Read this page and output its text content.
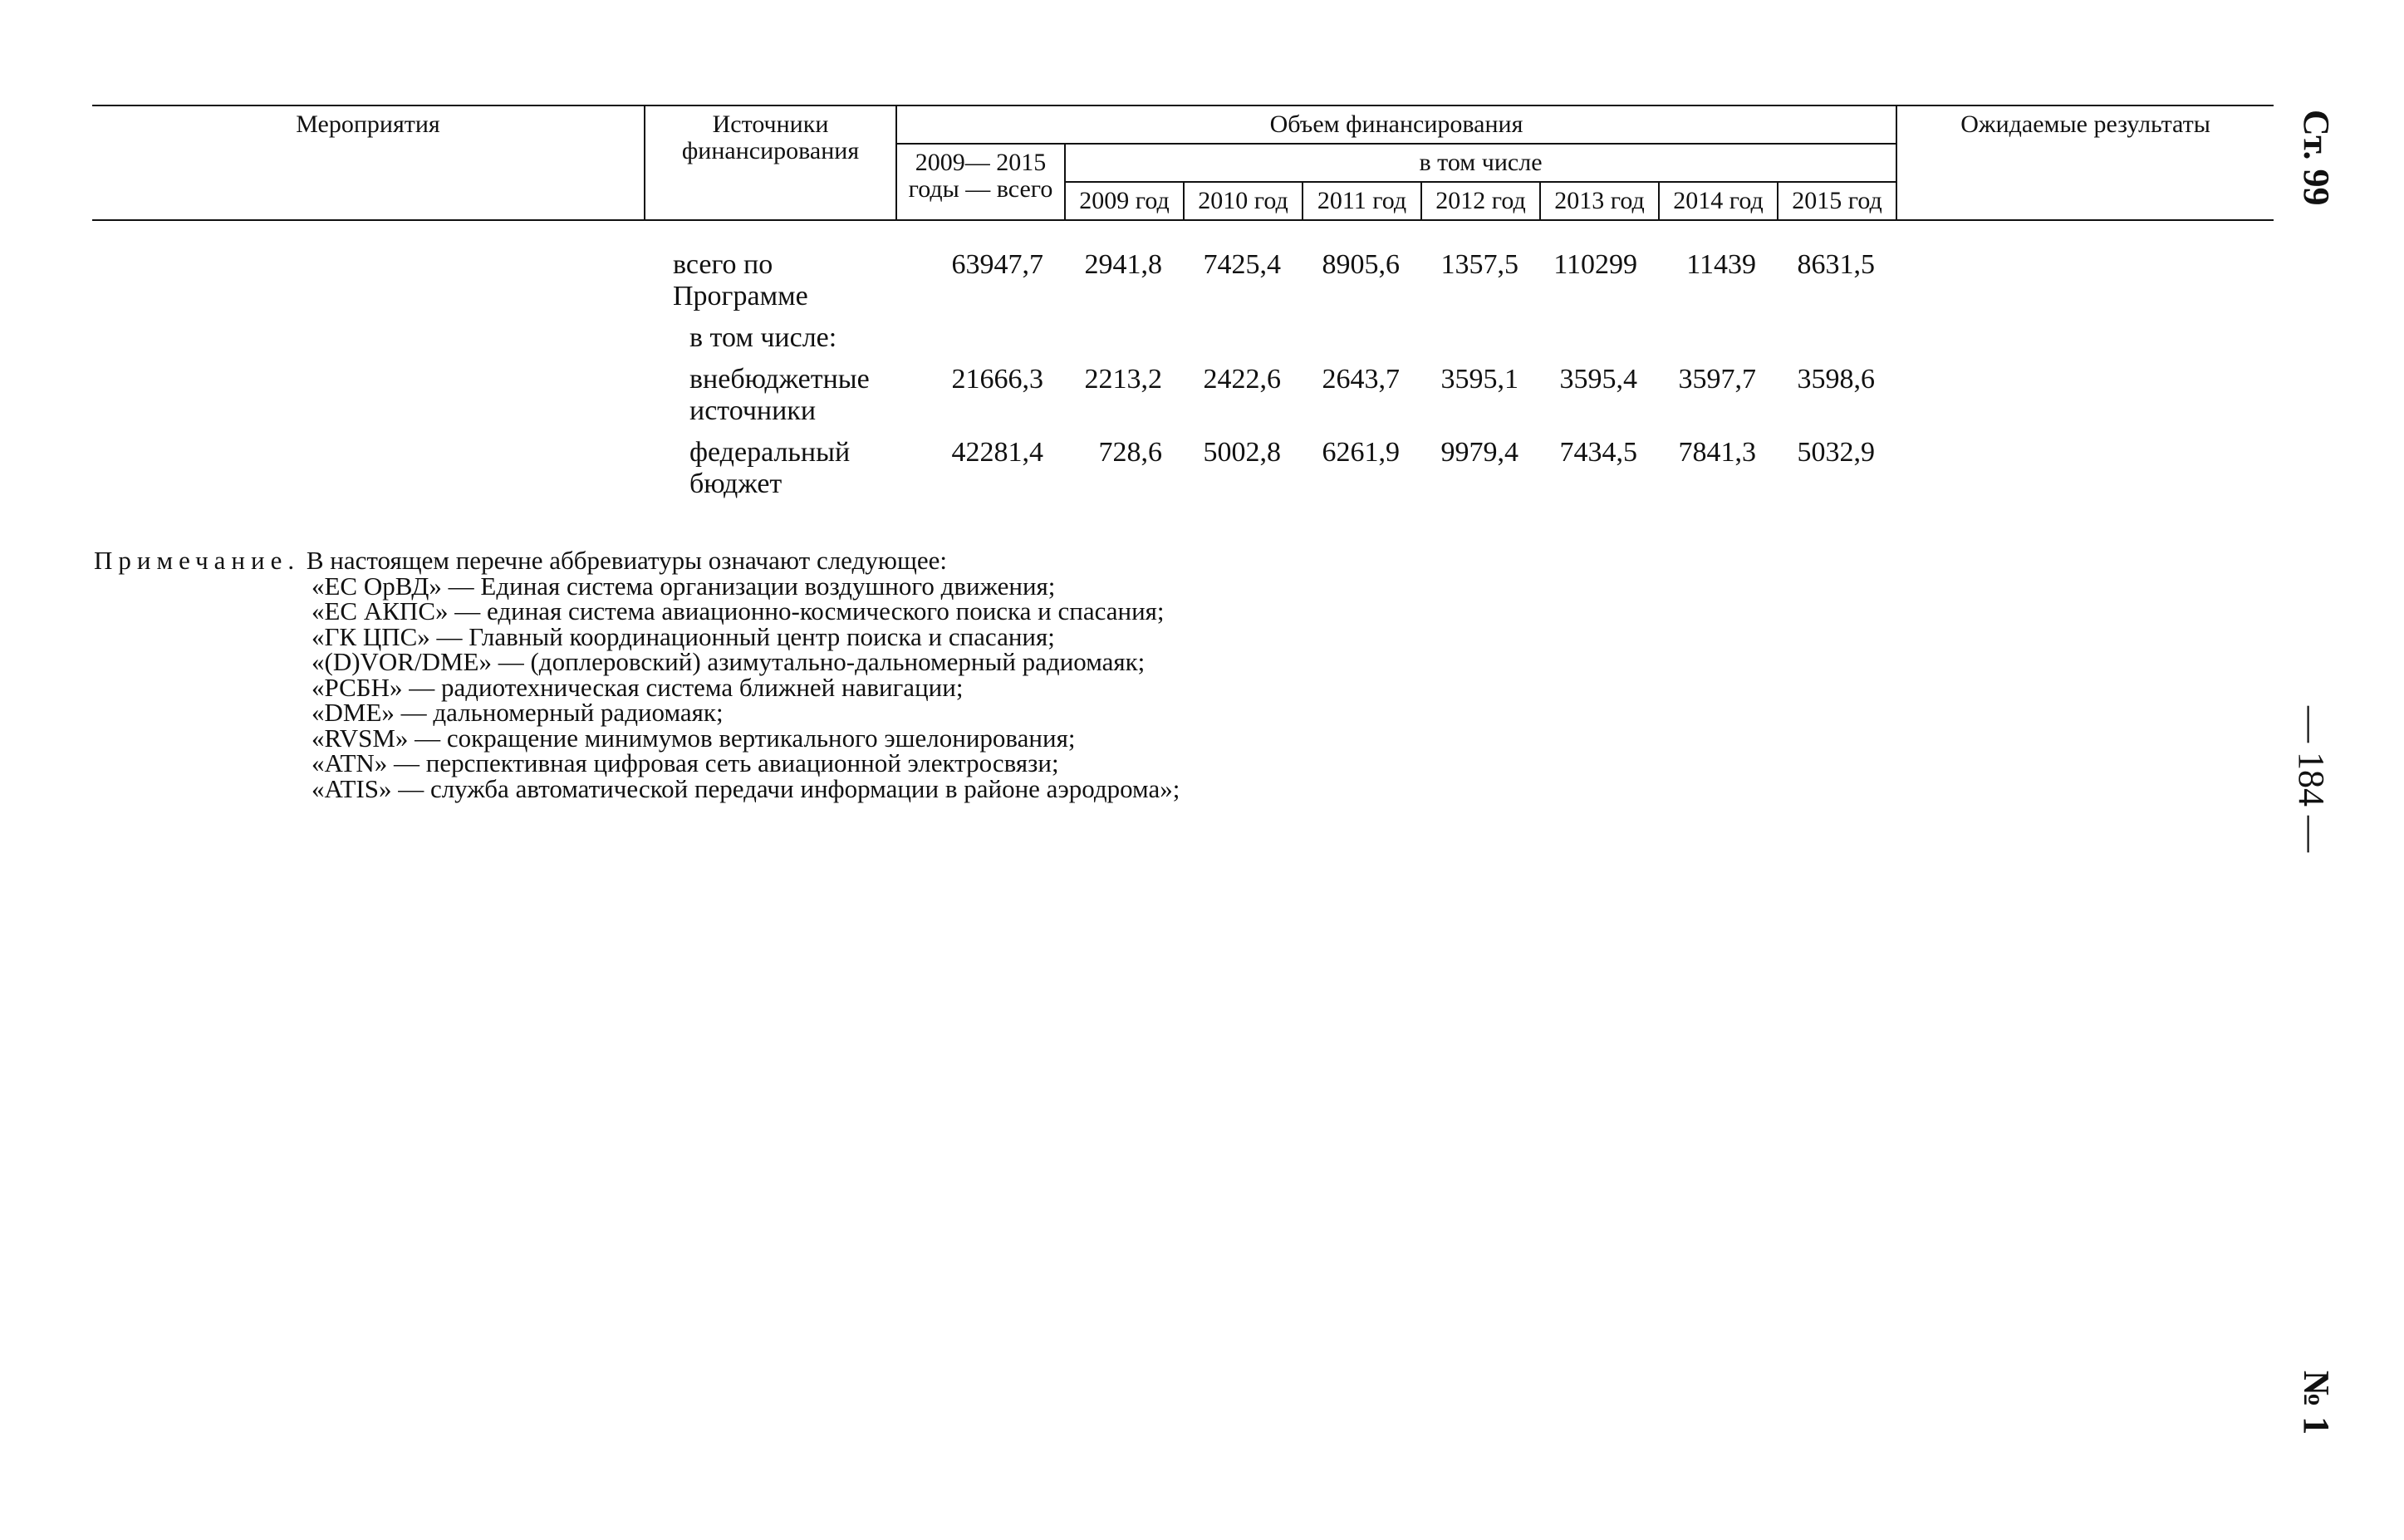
Мероприятия	Источники финансирования	Объем финансирования								Ожидаемые результаты
		2009— 2015 годы — всего	в том числе							
			2009 год	2010 год	2011 год	2012 год	2013 год	2014 год	2015 год	
	всего по Программе	63947,7	2941,8	7425,4	8905,6	1357,5	110299	11439	8631,5	
	в том числе:									
	внебюджетные источники	21666,3	2213,2	2422,6	2643,7	3595,1	3595,4	3597,7	3598,6	
	федеральный бюджет	42281,4	728,6	5002,8	6261,9	9979,4	7434,5	7841,3	5032,9	
Примечание. В настоящем перечне аббревиатуры означают следующее:
«ЕС ОрВД» — Единая система организации воздушного движения;
«ЕС АКПС» — единая система авиационно-космического поиска и спасания;
«ГК ЦПС» — Главный координационный центр поиска и спасания;
«(D)VOR/DME» — (доплеровский) азимутально-дальномерный радиомаяк;
«РСБН» — радиотехническая система ближней навигации;
«DME» — дальномерный радиомаяк;
«RVSM» — сокращение минимумов вертикального эшелонирования;
«ATN» — перспективная цифровая сеть авиационной электросвязи;
«ATIS» — служба автоматической передачи информации в районе аэродрома»;
Ст. 99
— 184 —
№ 1
